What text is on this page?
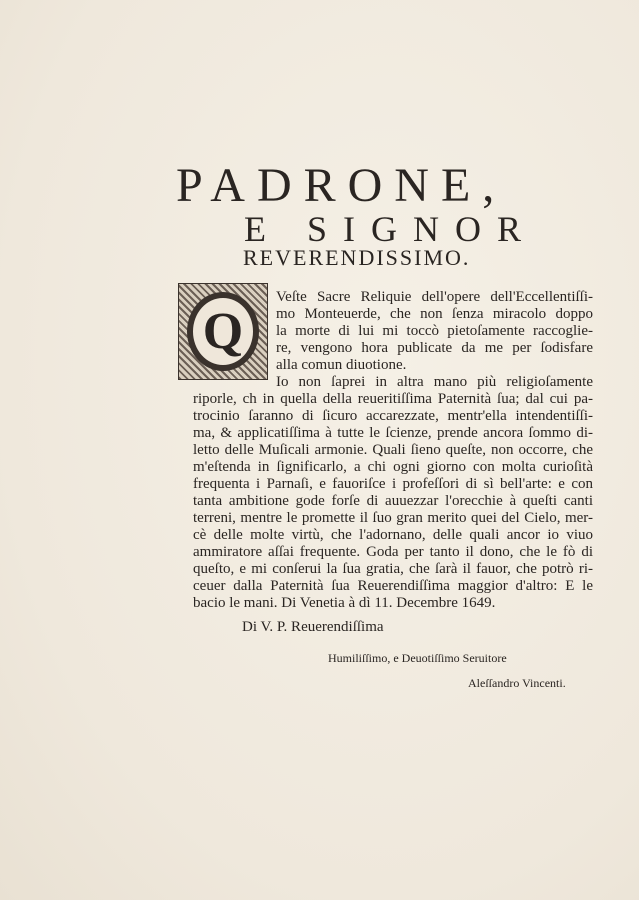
PADRONE,
E SIGNOR
REVERENDISSIMO.
Q
Veſte Sacre Reliquie dell'opere dell'Eccellentiſſi-
mo Monteuerde, che non ſenza miracolo doppo
la morte di lui mi toccò pietoſamente raccoglie-
re, vengono hora publicate da me per ſodisfare
alla comun diuotione.
Io non ſaprei in altra mano più religioſamente
riporle, ch in quella della reueritiſſima Paternità ſua; dal cui pa-
trocinio ſaranno di ſicuro accarezzate, mentr'ella intendentiſſi-
ma, & applicatiſſima à tutte le ſcienze, prende ancora ſommo di-
letto delle Muſicali armonie. Quali ſieno queſte, non occorre, che
m'eſtenda in ſignificarlo, a chi ogni giorno con molta curioſità
frequenta i Parnaſi, e fauoriſce i profeſſori di sì bell'arte: e con
tanta ambitione gode forſe di auuezzar l'orecchie à queſti canti
terreni, mentre le promette il ſuo gran merito quei del Cielo, mer-
cè delle molte virtù, che l'adornano, delle quali ancor io viuo
ammiratore aſſai frequente. Goda per tanto il dono, che le fò di
queſto, e mi conſerui la ſua gratia, che ſarà il fauor, che potrò ri-
ceuer dalla Paternità ſua Reuerendiſſima maggior d'altro: E le
bacio le mani. Di Venetia à dì 11. Decembre 1649.
Di V. P. Reuerendiſſima
Humiliſſimo, e Deuotiſſimo Seruitore
Aleſſandro Vincenti.
